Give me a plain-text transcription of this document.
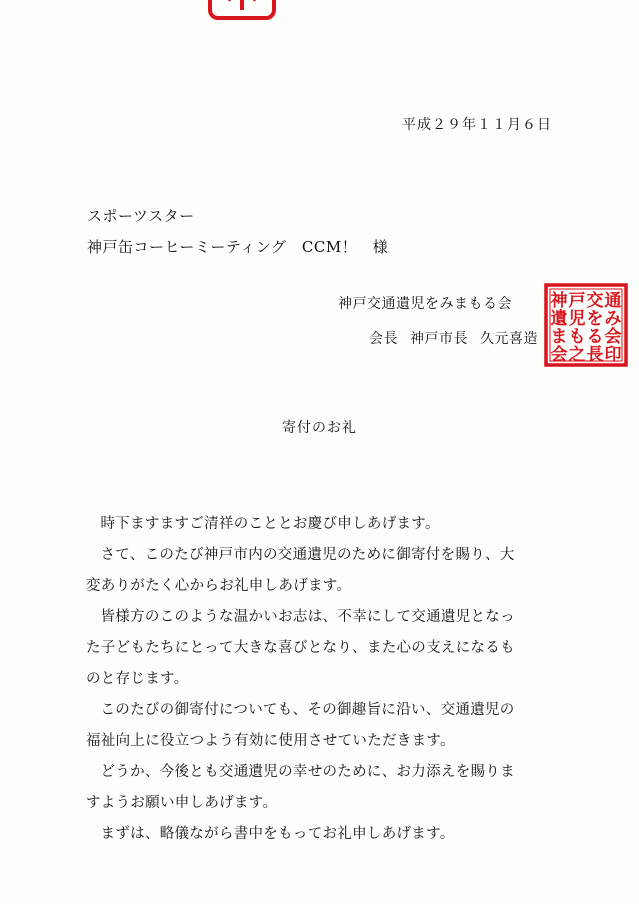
平成２９年１１月６日
スポーツスター
神戸缶コーヒーミーティング　CCM！　様
神戸交通遺児をみまもる会
会長 神戸市長 久元喜造
通
み
会
印
交
を
る
長
戸
児
も
之
神
遺
ま
会
寄付のお礼

時下ますますご清祥のこととお慶び申しあげます。

さて、このたび神戸市内の交通遺児のために御寄付を賜り、大変ありがたく心からお礼申しあげます。

皆様方のこのような温かいお志は、不幸にして交通遺児となった子どもたちにとって大きな喜びとなり、また心の支えになるものと存じます。

このたびの御寄付についても、その御趣旨に沿い、交通遺児の福祉向上に役立つよう有効に使用させていただきます。

どうか、今後とも交通遺児の幸せのために、お力添えを賜りますようお願い申しあげます。

まずは、略儀ながら書中をもってお礼申しあげます。
